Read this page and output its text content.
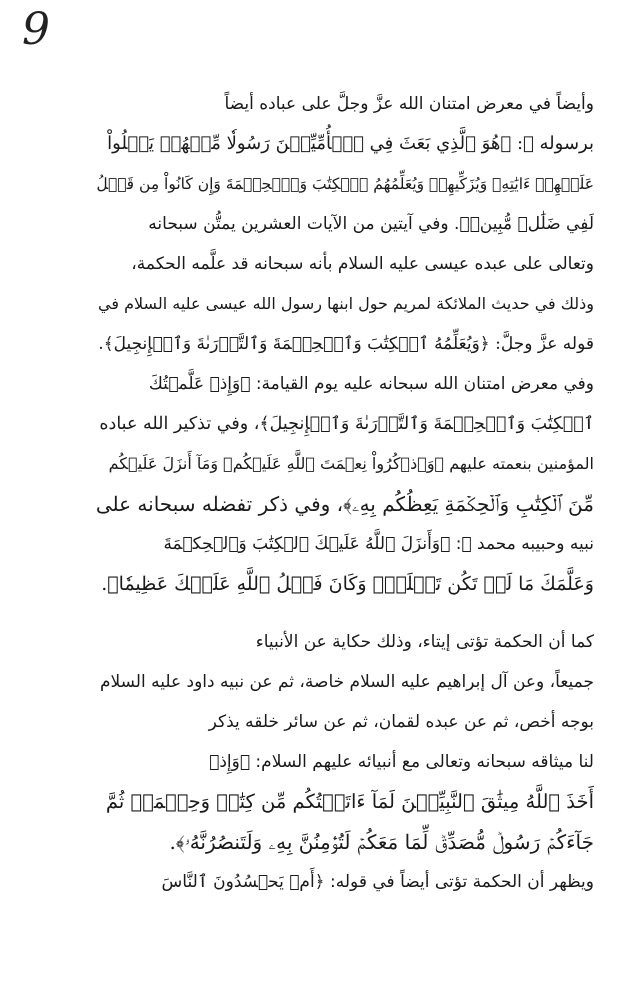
9
وأيضاً في معرض امتنان الله عزَّ وجلَّ على عباده أيضاً
برسوله ﷺ: ﴿هُوَ ٱلَّذِي بَعَثَ فِي ٱلۡأُمِّيِّـۧنَ رَسُولٗا مِّنۡهُمۡ يَتۡلُواْ
عَلَيۡهِمۡ ءَايَٰتِهِۦ وَيُزَكِّيهِمۡ وَيُعَلِّمُهُمُ ٱلۡكِتَٰبَ وَٱلۡحِكۡمَةَ وَإِن كَانُواْ مِن قَبۡلُ
لَفِي ضَلَٰلٖ مُّبِينٖ﴾. وفي آيتين من الآيات العشرين يمتُّن سبحانه
وتعالى على عبده عيسى عليه السلام بأنه سبحانه قد علَّمه الحكمة،
وذلك في حديث الملائكة لمريم حول ابنها رسول الله عيسى عليه السلام في
قوله عزَّ وجلَّ: ﴿وَيُعَلِّمُهُ ٱلۡكِتَٰبَ وَٱلۡحِكۡمَةَ وَٱلتَّوۡرَىٰةَ وَٱلۡإِنجِيلَ﴾.
وفي معرض امتنان الله سبحانه عليه يوم القيامة: ﴿وَإِذۡ عَلَّمۡتُكَ
ٱلۡكِتَٰبَ وَٱلۡحِكۡمَةَ وَٱلتَّوۡرَىٰةَ وَٱلۡإِنجِيلَ﴾، وفي تذكير الله عباده
المؤمنين بنعمته عليهم ﴿وَٱذۡكُرُواْ نِعۡمَتَ ٱللَّهِ عَلَيۡكُمۡ وَمَآ أَنزَلَ عَلَيۡكُم
مِّنَ ٱلۡكِتَٰبِ وَٱلۡحِكۡمَةِ يَعِظُكُم بِهِۦ﴾، وفي ذكر تفضله سبحانه على
نبيه وحبيبه محمد ﷺ: ﴿وَأَنزَلَ ٱللَّهُ عَلَيۡكَ ٱلۡكِتَٰبَ وَٱلۡحِكۡمَةَ
وَعَلَّمَكَ مَا لَمۡ تَكُن تَعۡلَمُۚ وَكَانَ فَضۡلُ ٱللَّهِ عَلَيۡكَ عَظِيمٗا﴾.
كما أن الحكمة تؤتى إيتاء، وذلك حكاية عن الأنبياء
جميعاً، وعن آل إبراهيم عليه السلام خاصة، ثم عن نبيه داود عليه السلام
بوجه أخص، ثم عن عبده لقمان، ثم عن سائر خلقه يذكر
لنا ميثاقه سبحانه وتعالى مع أنبيائه عليهم السلام: ﴿وَإِذۡ
أَخَذَ ٱللَّهُ مِيثَٰقَ ٱلنَّبِيِّـۧنَ لَمَآ ءَاتَيۡتُكُم مِّن كِتَٰبٖ وَحِكۡمَةٖ ثُمَّ
جَآءَكُمۡ رَسُولٞ مُّصَدِّقٞ لِّمَا مَعَكُمۡ لَتُؤۡمِنُنَّ بِهِۦ وَلَتَنصُرُنَّهُۥ﴾.
ويظهر أن الحكمة تؤتى أيضاً في قوله: ﴿أَمۡ يَحۡسُدُونَ ٱلنَّاسَ
